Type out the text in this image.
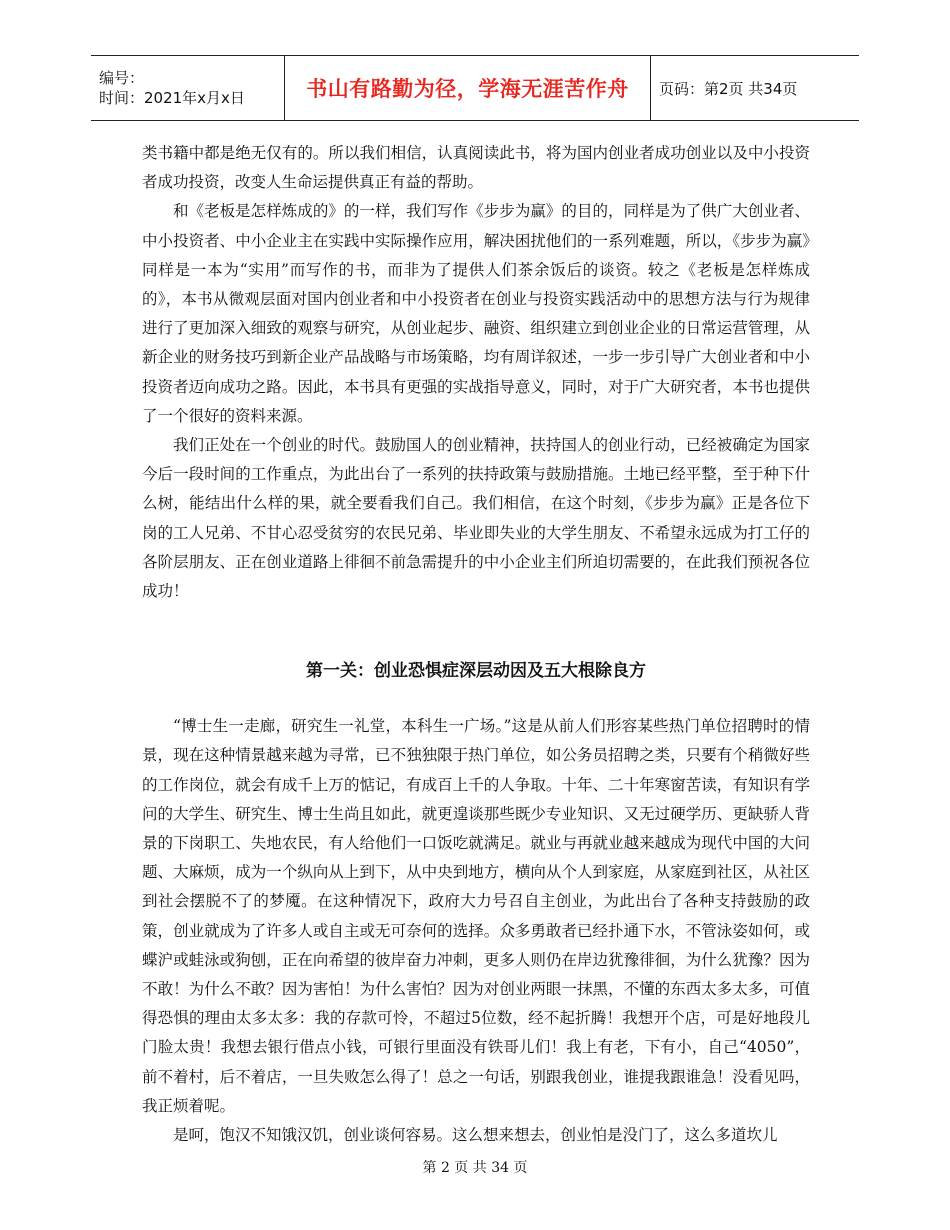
编号：
时间：2021年x月x日	书山有路勤为径，学海无涯苦作舟	页码：第2页 共34页

类书籍中都是绝无仅有的。所以我们相信，认真阅读此书，将为国内创业者成功创业以及中小投资者成功投资，改变人生命运提供真正有益的帮助。

和《老板是怎样炼成的》的一样，我们写作《步步为赢》的目的，同样是为了供广大创业者、中小投资者、中小企业主在实践中实际操作应用，解决困扰他们的一系列难题，所以，《步步为赢》同样是一本为“实用”而写作的书，而非为了提供人们茶余饭后的谈资。较之《老板是怎样炼成的》，本书从微观层面对国内创业者和中小投资者在创业与投资实践活动中的思想方法与行为规律进行了更加深入细致的观察与研究，从创业起步、融资、组织建立到创业企业的日常运营管理，从新企业的财务技巧到新企业产品战略与市场策略，均有周详叙述，一步一步引导广大创业者和中小投资者迈向成功之路。因此，本书具有更强的实战指导意义，同时，对于广大研究者，本书也提供了一个很好的资料来源。

我们正处在一个创业的时代。鼓励国人的创业精神，扶持国人的创业行动，已经被确定为国家今后一段时间的工作重点，为此出台了一系列的扶持政策与鼓励措施。土地已经平整，至于种下什么树，能结出什么样的果，就全要看我们自己。我们相信，在这个时刻，《步步为赢》正是各位下岗的工人兄弟、不甘心忍受贫穷的农民兄弟、毕业即失业的大学生朋友、不希望永远成为打工仔的各阶层朋友、正在创业道路上徘徊不前急需提升的中小企业主们所迫切需要的，在此我们预祝各位成功！

第一关：创业恐惧症深层动因及五大根除良方

“博士生一走廊，研究生一礼堂，本科生一广场。”这是从前人们形容某些热门单位招聘时的情景，现在这种情景越来越为寻常，已不独独限于热门单位，如公务员招聘之类，只要有个稍微好些的工作岗位，就会有成千上万的惦记，有成百上千的人争取。十年、二十年寒窗苦读，有知识有学问的大学生、研究生、博士生尚且如此，就更遑谈那些既少专业知识、又无过硬学历、更缺骄人背景的下岗职工、失地农民，有人给他们一口饭吃就满足。就业与再就业越来越成为现代中国的大问题、大麻烦，成为一个纵向从上到下，从中央到地方，横向从个人到家庭，从家庭到社区，从社区到社会摆脱不了的梦魇。在这种情况下，政府大力号召自主创业，为此出台了各种支持鼓励的政策，创业就成为了许多人或自主或无可奈何的选择。众多勇敢者已经扑通下水，不管泳姿如何，或蝶沪或蛙泳或狗刨，正在向希望的彼岸奋力冲刺，更多人则仍在岸边犹豫徘徊，为什么犹豫？因为不敢！为什么不敢？因为害怕！为什么害怕？因为对创业两眼一抹黑，不懂的东西太多太多，可值得恐惧的理由太多太多：我的存款可怜，不超过5位数，经不起折腾！我想开个店，可是好地段儿门脸太贵！我想去银行借点小钱，可银行里面没有铁哥儿们！我上有老，下有小，自己“4050”，前不着村，后不着店，一旦失败怎么得了！总之一句话，别跟我创业，谁提我跟谁急！没看见吗，我正烦着呢。

是呵，饱汉不知饿汉饥，创业谈何容易。这么想来想去，创业怕是没门了，这么多道坎儿

第 2 页 共 34 页
